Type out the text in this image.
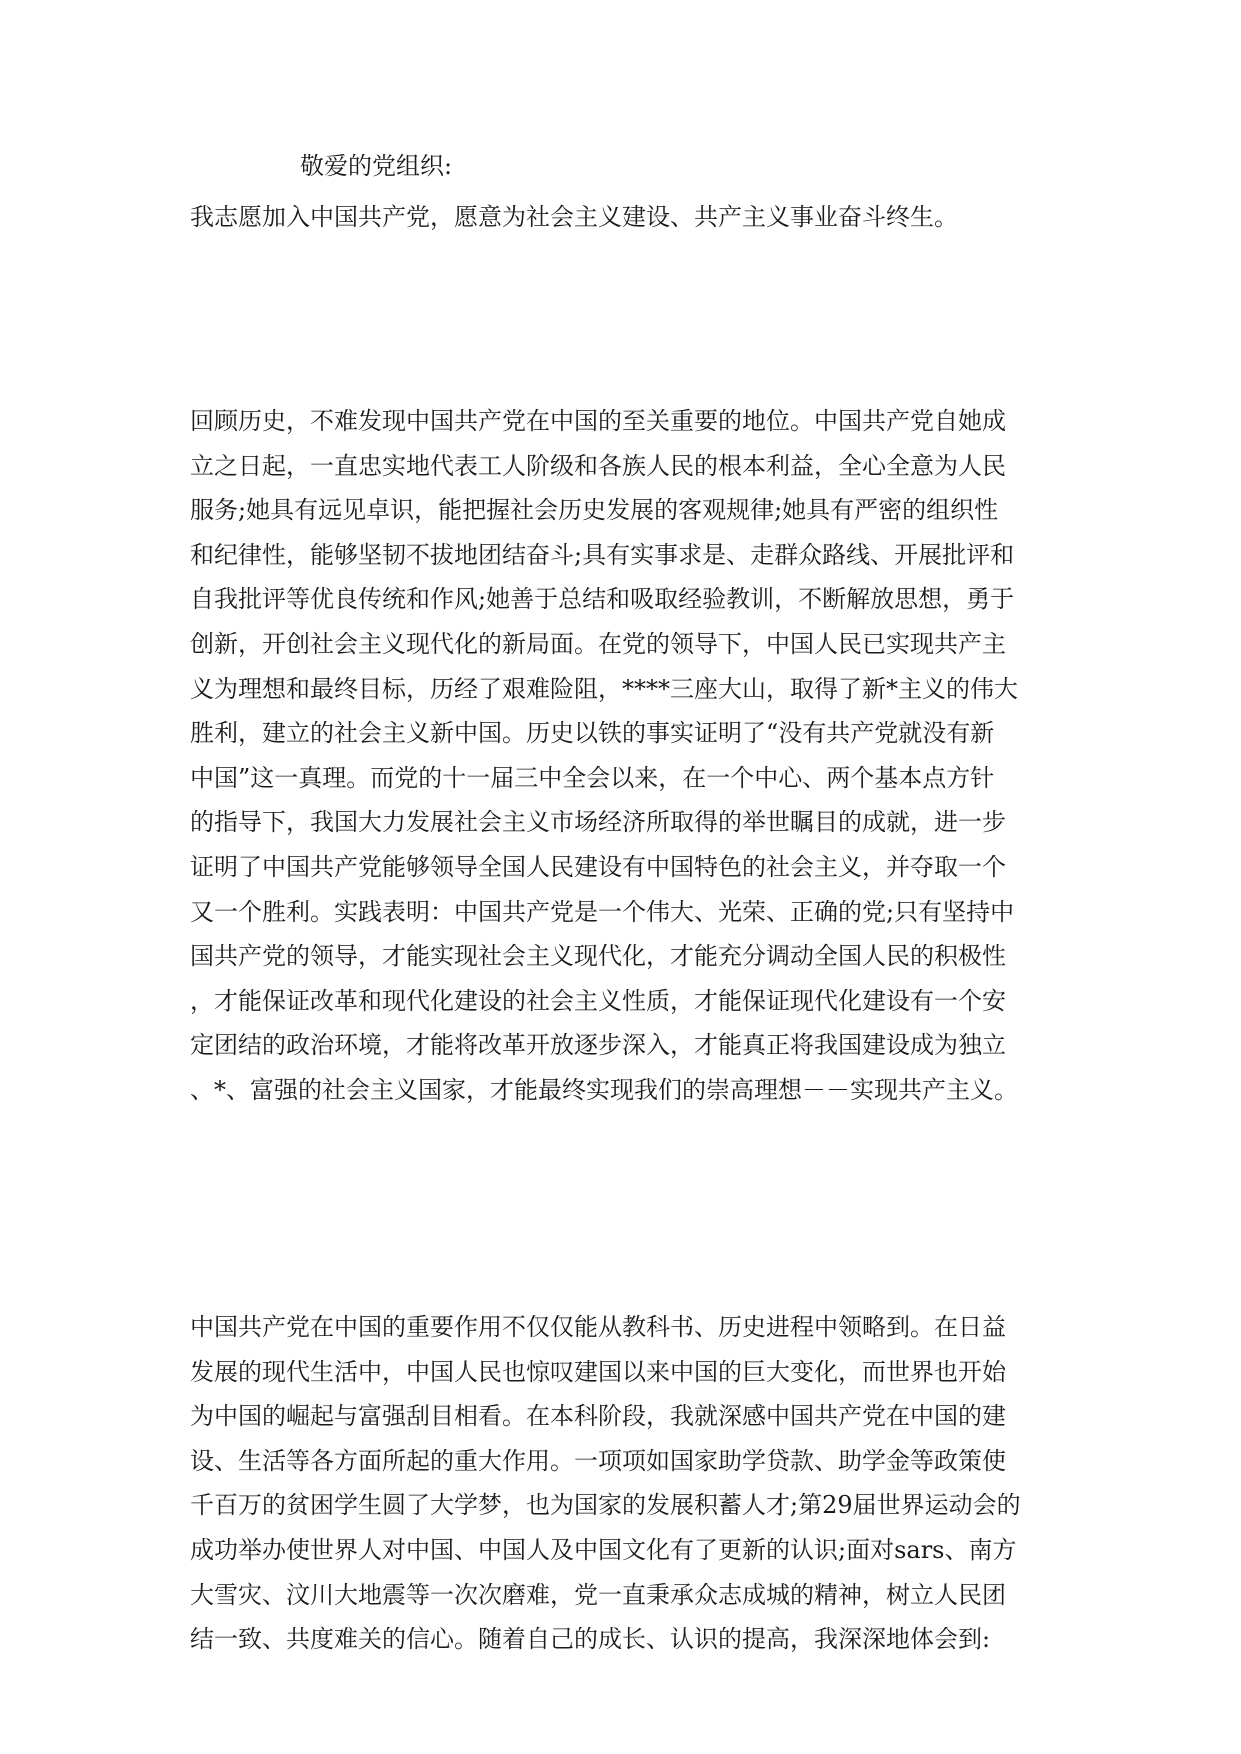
敬爱的党组织:
我志愿加入中国共产党，愿意为社会主义建设、共产主义事业奋斗终生。
回顾历史，不难发现中国共产党在中国的至关重要的地位。中国共产党自她成
立之日起，一直忠实地代表工人阶级和各族人民的根本利益，全心全意为人民
服务;她具有远见卓识，能把握社会历史发展的客观规律;她具有严密的组织性
和纪律性，能够坚韧不拔地团结奋斗;具有实事求是、走群众路线、开展批评和
自我批评等优良传统和作风;她善于总结和吸取经验教训，不断解放思想，勇于
创新，开创社会主义现代化的新局面。在党的领导下，中国人民已实现共产主
义为理想和最终目标，历经了艰难险阻，****三座大山，取得了新*主义的伟大
胜利，建立的社会主义新中国。历史以铁的事实证明了“没有共产党就没有新
中国”这一真理。而党的十一届三中全会以来，在一个中心、两个基本点方针
的指导下，我国大力发展社会主义市场经济所取得的举世瞩目的成就，进一步
证明了中国共产党能够领导全国人民建设有中国特色的社会主义，并夺取一个
又一个胜利。实践表明：中国共产党是一个伟大、光荣、正确的党;只有坚持中
国共产党的领导，才能实现社会主义现代化，才能充分调动全国人民的积极性
，才能保证改革和现代化建设的社会主义性质，才能保证现代化建设有一个安
定团结的政治环境，才能将改革开放逐步深入，才能真正将我国建设成为独立
、*、富强的社会主义国家，才能最终实现我们的崇高理想－－实现共产主义。
中国共产党在中国的重要作用不仅仅能从教科书、历史进程中领略到。在日益
发展的现代生活中，中国人民也惊叹建国以来中国的巨大变化，而世界也开始
为中国的崛起与富强刮目相看。在本科阶段，我就深感中国共产党在中国的建
设、生活等各方面所起的重大作用。一项项如国家助学贷款、助学金等政策使
千百万的贫困学生圆了大学梦，也为国家的发展积蓄人才;第29届世界运动会的
成功举办使世界人对中国、中国人及中国文化有了更新的认识;面对sars、南方
大雪灾、汶川大地震等一次次磨难，党一直秉承众志成城的精神，树立人民团
结一致、共度难关的信心。随着自己的成长、认识的提高，我深深地体会到:
